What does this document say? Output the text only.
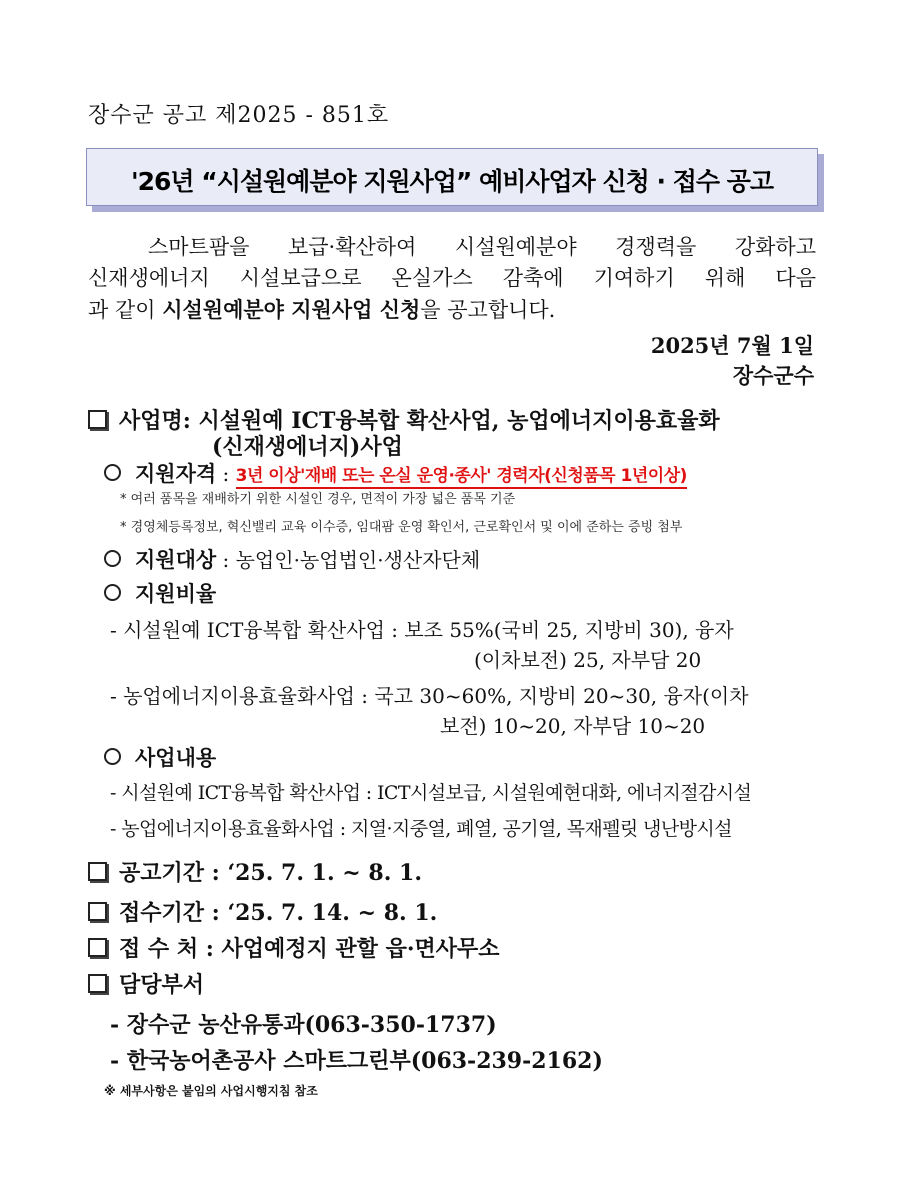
장수군 공고 제2025 - 851호
'26년 “시설원예분야 지원사업” 예비사업자 신청 · 접수 공고
스마트팜을 보급·확산하여 시설원예분야 경쟁력을 강화하고
신재생에너지 시설보급으로 온실가스 감축에 기여하기 위해 다음
과 같이 시설원예분야 지원사업 신청을 공고합니다.
2025년 7월 1일
장수군수
사업명: 시설원예 ICT융복합 확산사업, 농업에너지이용효율화
(신재생에너지)사업
지원자격 : 3년 이상'재배 또는 온실 운영·종사' 경력자(신청품목 1년이상)
* 여러 품목을 재배하기 위한 시설인 경우, 면적이 가장 넓은 품목 기준
* 경영체등록정보, 혁신밸리 교육 이수증, 임대팜 운영 확인서, 근로확인서 및 이에 준하는 증빙 첨부
지원대상 : 농업인·농업법인·생산자단체
지원비율
- 시설원예 ICT융복합 확산사업 : 보조 55%(국비 25, 지방비 30), 융자
(이차보전) 25, 자부담 20
- 농업에너지이용효율화사업 : 국고 30~60%, 지방비 20~30, 융자(이차
보전) 10~20, 자부담 10~20
사업내용
- 시설원예 ICT융복합 확산사업 : ICT시설보급, 시설원예현대화, 에너지절감시설
- 농업에너지이용효율화사업 : 지열·지중열, 폐열, 공기열, 목재펠릿 냉난방시설
공고기간 : ‘25. 7. 1. ~ 8. 1.
접수기간 : ‘25. 7. 14. ~ 8. 1.
접 수 처 : 사업예정지 관할 읍·면사무소
담당부서
- 장수군 농산유통과(063-350-1737)
- 한국농어촌공사 스마트그린부(063-239-2162)
※ 세부사항은 붙임의 사업시행지침 참조
